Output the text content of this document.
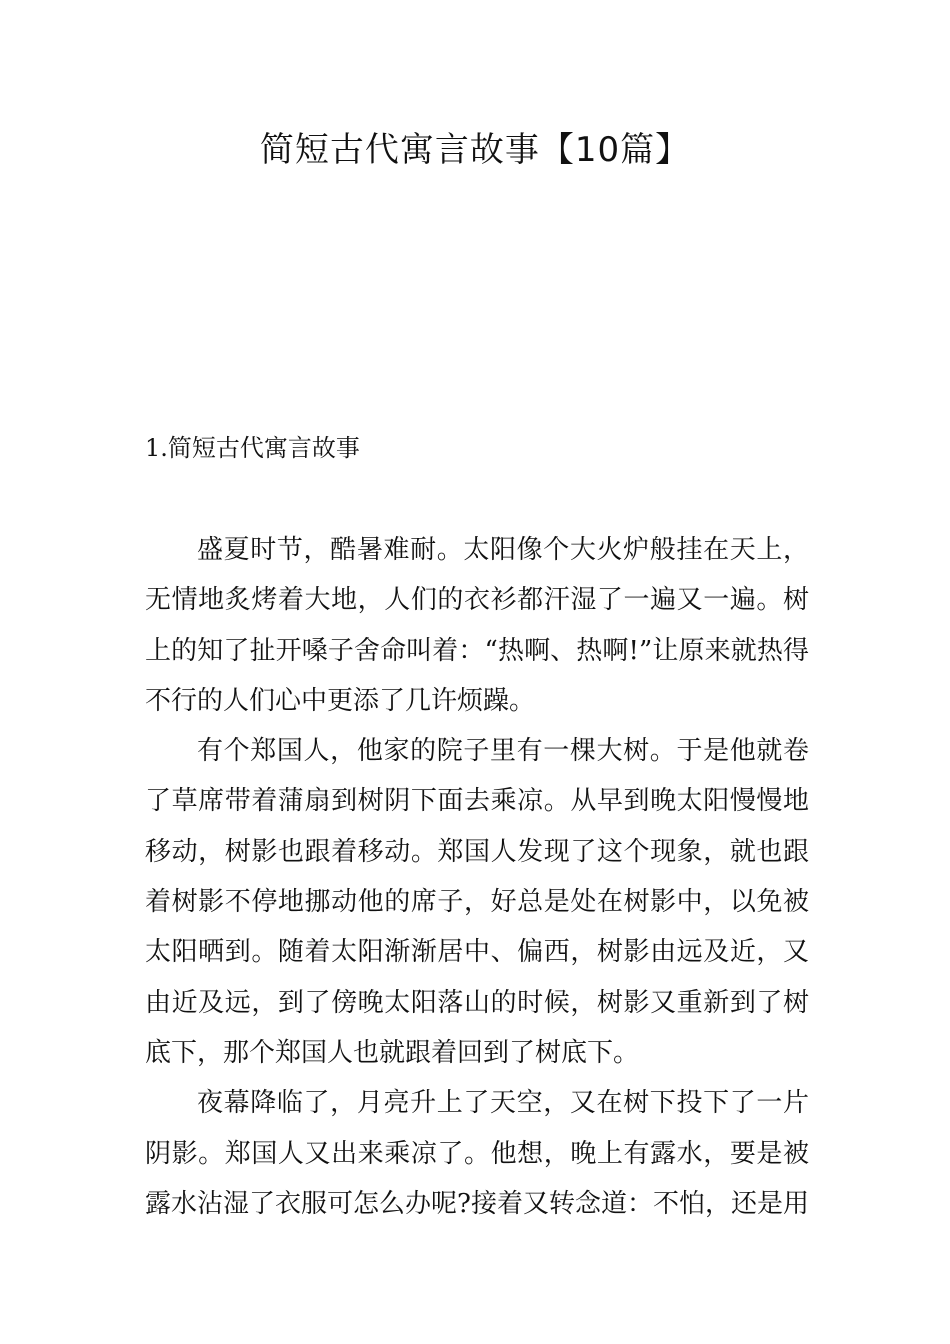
简短古代寓言故事【10篇】
1.简短古代寓言故事

盛夏时节，酷暑难耐。太阳像个大火炉般挂在天上，无情地炙烤着大地，人们的衣衫都汗湿了一遍又一遍。树上的知了扯开嗓子舍命叫着：“热啊、热啊!”让原来就热得不行的人们心中更添了几许烦躁。

有个郑国人，他家的院子里有一棵大树。于是他就卷了草席带着蒲扇到树阴下面去乘凉。从早到晚太阳慢慢地移动，树影也跟着移动。郑国人发现了这个现象，就也跟着树影不停地挪动他的席子，好总是处在树影中，以免被太阳晒到。随着太阳渐渐居中、偏西，树影由远及近，又由近及远，到了傍晚太阳落山的时候，树影又重新到了树底下，那个郑国人也就跟着回到了树底下。

夜幕降临了，月亮升上了天空，又在树下投下了一片阴影。郑国人又出来乘凉了。他想，晚上有露水，要是被露水沾湿了衣服可怎么办呢?接着又转念道：不怕，还是用
